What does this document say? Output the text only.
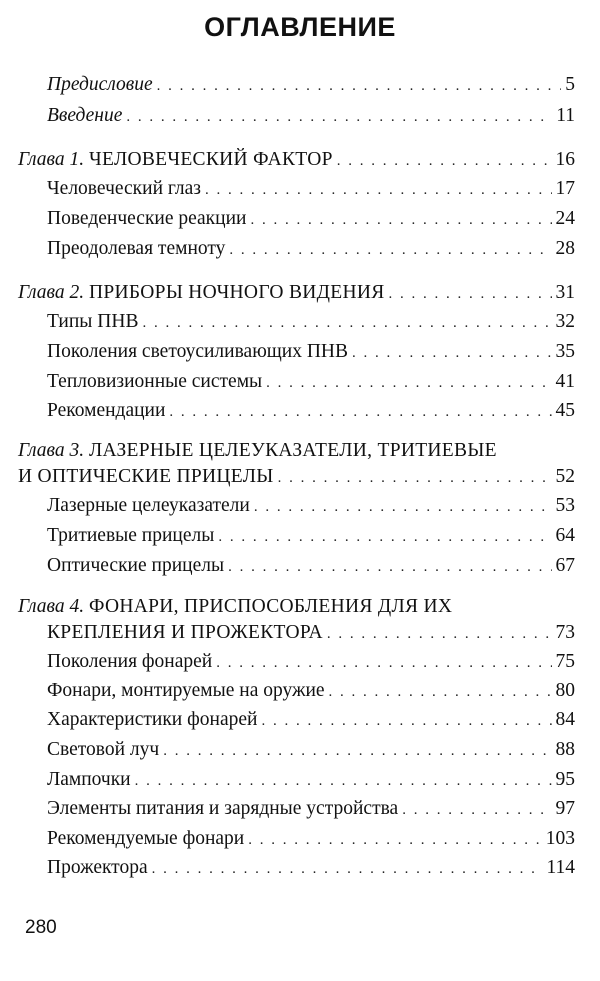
ОГЛАВЛЕНИЕ
Предисловие . . .	5
Введение . . .	11
Глава 1. ЧЕЛОВЕЧЕСКИЙ ФАКТОР . . .	16
Человеческий глаз . . .	17
Поведенческие реакции . . .	24
Преодолевая темноту . . .	28
Глава 2. ПРИБОРЫ НОЧНОГО ВИДЕНИЯ . . .	31
Типы ПНВ . . .	32
Поколения светоусиливающих ПНВ . . .	35
Тепловизионные системы . . .	41
Рекомендации . . .	45
Глава 3. ЛАЗЕРНЫЕ ЦЕЛЕУКАЗАТЕЛИ, ТРИТИЕВЫЕ
И ОПТИЧЕСКИЕ ПРИЦЕЛЫ . . .	52
Лазерные целеуказатели . . .	53
Тритиевые прицелы . . .	64
Оптические прицелы . . .	67
Глава 4. ФОНАРИ, ПРИСПОСОБЛЕНИЯ ДЛЯ ИХ
КРЕПЛЕНИЯ И ПРОЖЕКТОРА . . .	73
Поколения фонарей . . .	75
Фонари, монтируемые на оружие . . .	80
Характеристики фонарей . . .	84
Световой луч . . .	88
Лампочки . . .	95
Элементы питания и зарядные устройства . . .	97
Рекомендуемые фонари . . .	103
Прожектора . . .	114
280
